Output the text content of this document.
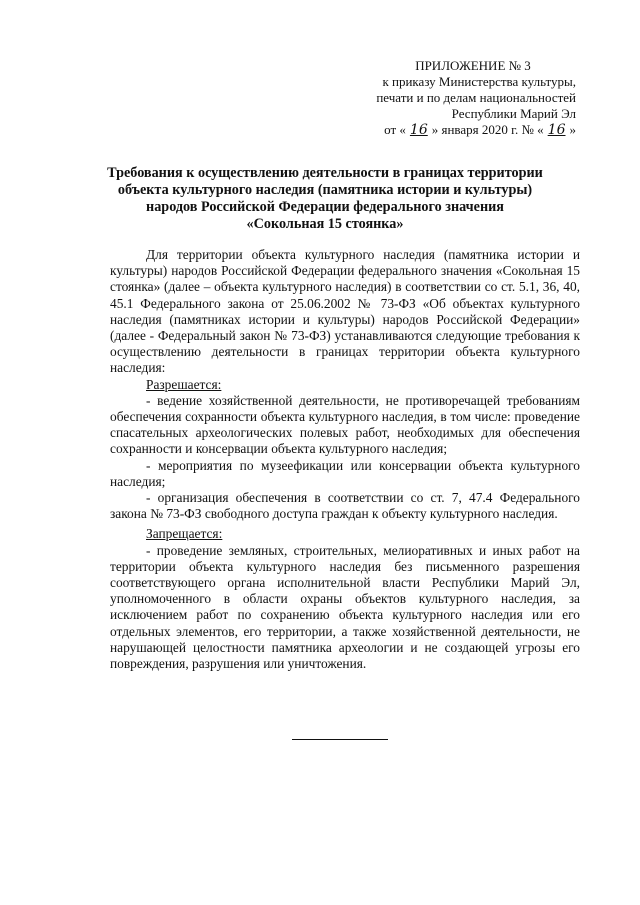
ПРИЛОЖЕНИЕ № 3
к приказу Министерства культуры,
печати и по делам национальностей
Республики Марий Эл
от « 16 » января 2020 г. № « 16 »
Требования к осуществлению деятельности в границах территории
объекта культурного наследия (памятника истории и культуры)
народов Российской Федерации федерального значения
«Сокольная 15 стоянка»

Для территории объекта культурного наследия (памятника истории и культуры) народов Российской Федерации федерального значения «Сокольная 15 стоянка» (далее – объекта культурного наследия) в соответствии со ст. 5.1, 36, 40, 45.1 Федерального закона от 25.06.2002 № 73-ФЗ «Об объектах культурного наследия (памятниках истории и культуры) народов Российской Федерации» (далее - Федеральный закон № 73-ФЗ) устанавливаются следующие требования к осуществлению деятельности в границах территории объекта культурного наследия:

Разрешается:

- ведение хозяйственной деятельности, не противоречащей требованиям обеспечения сохранности объекта культурного наследия, в том числе: проведение спасательных археологических полевых работ, необходимых для обеспечения сохранности и консервации объекта культурного наследия;

- мероприятия по музеефикации или консервации объекта культурного наследия;

- организация обеспечения в соответствии со ст. 7, 47.4 Федерального закона № 73-ФЗ свободного доступа граждан к объекту культурного наследия.

Запрещается:

- проведение земляных, строительных, мелиоративных и иных работ на территории объекта культурного наследия без письменного разрешения соответствующего органа исполнительной власти Республики Марий Эл, уполномоченного в области охраны объектов культурного наследия, за исключением работ по сохранению объекта культурного наследия или его отдельных элементов, его территории, а также хозяйственной деятельности, не нарушающей целостности памятника археологии и не создающей угрозы его повреждения, разрушения или уничтожения.
